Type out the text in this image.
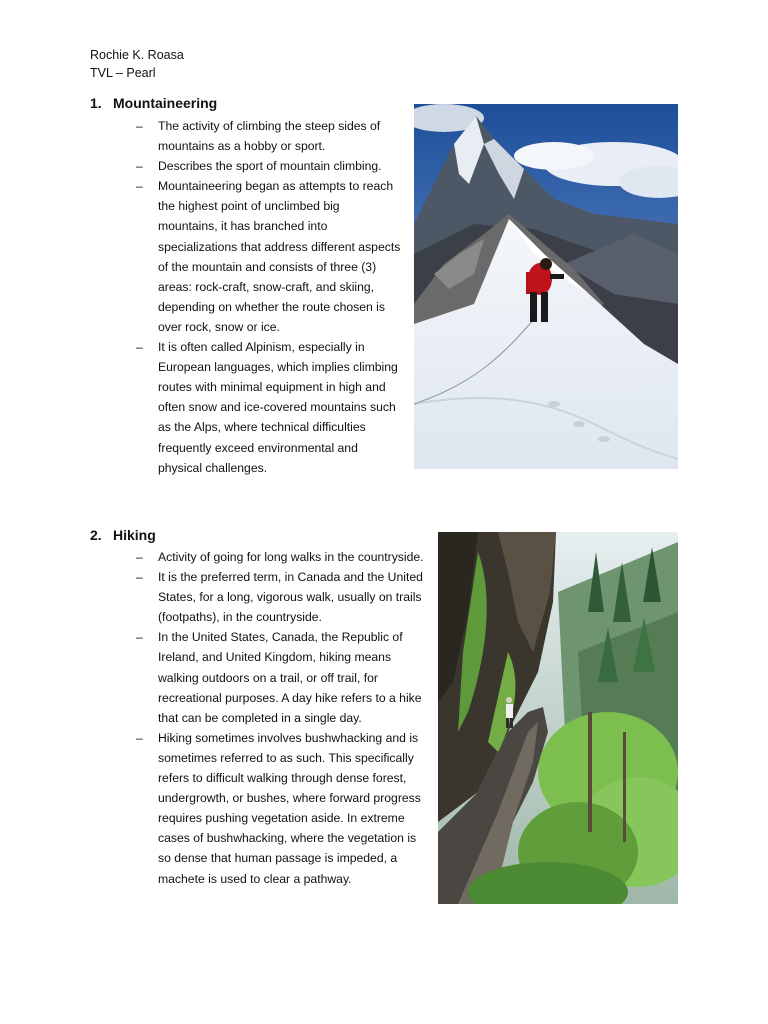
Rochie K. Roasa
TVL – Pearl
1. Mountaineering
– The activity of climbing the steep sides of mountains as a hobby or sport.
– Describes the sport of mountain climbing.
– Mountaineering began as attempts to reach the highest point of unclimbed big mountains, it has branched into specializations that address different aspects of the mountain and consists of three (3) areas: rock-craft, snow-craft, and skiing, depending on whether the route chosen is over rock, snow or ice.
– It is often called Alpinism, especially in European languages, which implies climbing routes with minimal equipment in high and often snow and ice-covered mountains such as the Alps, where technical difficulties frequently exceed environmental and physical challenges.
2. Hiking
– Activity of going for long walks in the countryside.
– It is the preferred term, in Canada and the United States, for a long, vigorous walk, usually on trails (footpaths), in the countryside.
– In the United States, Canada, the Republic of Ireland, and United Kingdom, hiking means walking outdoors on a trail, or off trail, for recreational purposes. A day hike refers to a hike that can be completed in a single day.
– Hiking sometimes involves bushwhacking and is sometimes referred to as such. This specifically refers to difficult walking through dense forest, undergrowth, or bushes, where forward progress requires pushing vegetation aside. In extreme cases of bushwhacking, where the vegetation is so dense that human passage is impeded, a machete is used to clear a pathway.
